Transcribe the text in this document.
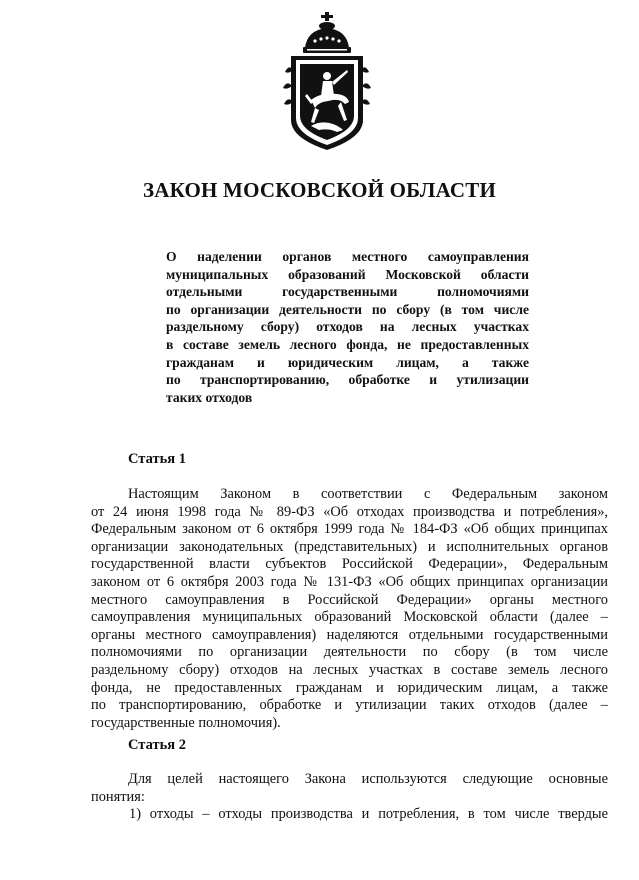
ЗАКОН МОСКОВСКОЙ ОБЛАСТИ
О наделении органов местного самоуправления
муниципальных образований Московской области
отдельными государственными полномочиями
по организации деятельности по сбору (в том числе
раздельному сбору) отходов на лесных участках
в составе земель лесного фонда, не предоставленных
гражданам и юридическим лицам, а также
по транспортированию, обработке и утилизации
таких отходов
Статья 1
Настоящим Законом в соответствии с Федеральным законом
от 24 июня 1998 года № 89-ФЗ «Об отходах производства и потребления»,
Федеральным законом от 6 октября 1999 года № 184-ФЗ «Об общих принципах
организации законодательных (представительных) и исполнительных органов
государственной власти субъектов Российской Федерации», Федеральным
законом от 6 октября 2003 года № 131-ФЗ «Об общих принципах организации
местного самоуправления в Российской Федерации» органы местного
самоуправления муниципальных образований Московской области (далее –
органы местного самоуправления) наделяются отдельными государственными
полномочиями по организации деятельности по сбору (в том числе
раздельному сбору) отходов на лесных участках в составе земель лесного
фонда, не предоставленных гражданам и юридическим лицам, а также
по транспортированию, обработке и утилизации таких отходов (далее –
государственные полномочия).
Статья 2
Для целей настоящего Закона используются следующие основные
понятия:
1) отходы – отходы производства и потребления, в том числе твердые
